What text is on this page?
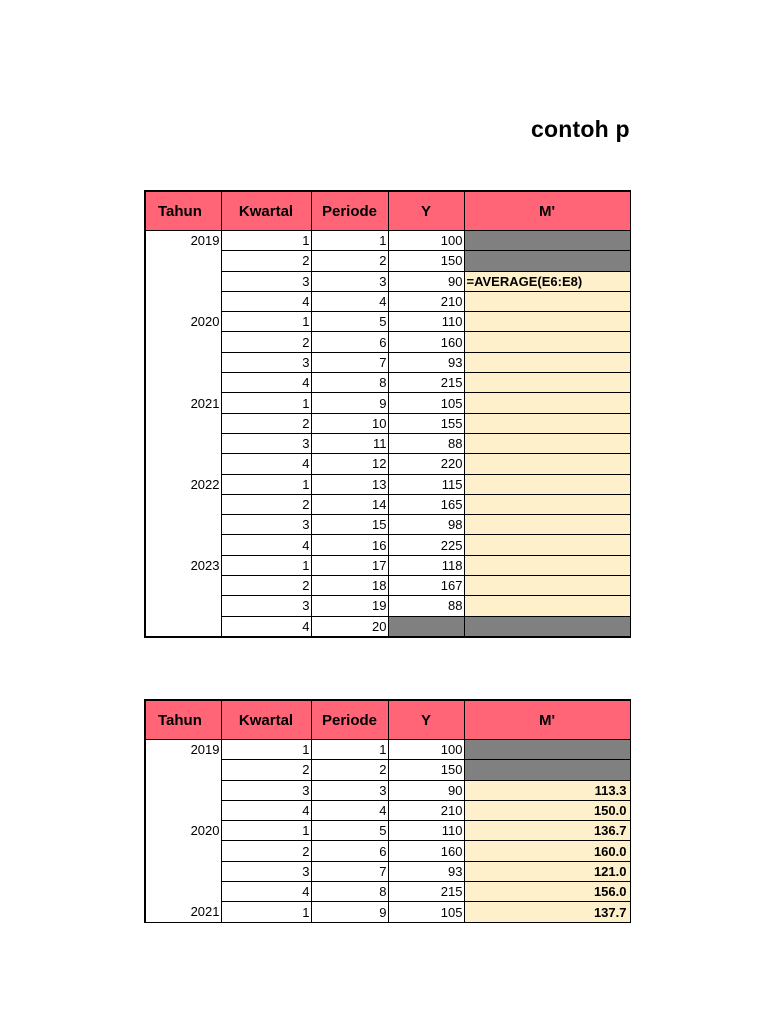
contoh p
Tahun	Kwartal	Periode	Y	M'
2019	1	1	100	
	2	2	150	
	3	3	90	=AVERAGE(E6:E8)
	4	4	210	
2020	1	5	110	
	2	6	160	
	3	7	93	
	4	8	215	
2021	1	9	105	
	2	10	155	
	3	11	88	
	4	12	220	
2022	1	13	115	
	2	14	165	
	3	15	98	
	4	16	225	
2023	1	17	118	
	2	18	167	
	3	19	88	
	4	20		
Tahun	Kwartal	Periode	Y	M'
2019	1	1	100	
	2	2	150	
	3	3	90	113.3
	4	4	210	150.0
2020	1	5	110	136.7
	2	6	160	160.0
	3	7	93	121.0
	4	8	215	156.0
2021	1	9	105	137.7
